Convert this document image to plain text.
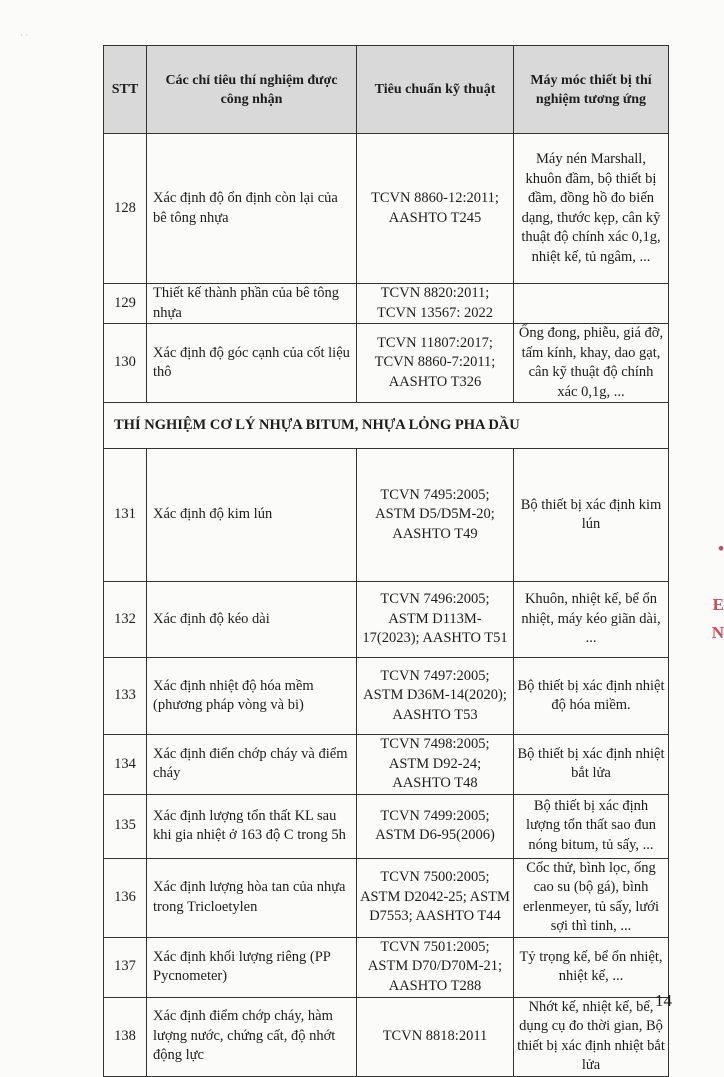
· ·
STT	Các chỉ tiêu thí nghiệm được công nhận	Tiêu chuẩn kỹ thuật	Máy móc thiết bị thí nghiệm tương ứng
128	Xác định độ ổn định còn lại của bê tông nhựa	TCVN 8860-12:2011; AASHTO T245	Máy nén Marshall, khuôn đầm, bộ thiết bị đầm, đồng hồ đo biến dạng, thước kẹp, cân kỹ thuật độ chính xác 0,1g, nhiệt kế, tủ ngâm, ...
129	Thiết kế thành phần của bê tông nhựa	TCVN 8820:2011; TCVN 13567: 2022	
130	Xác định độ góc cạnh của cốt liệu thô	TCVN 11807:2017; TCVN 8860-7:2011; AASHTO T326	Ống đong, phiễu, giá đỡ, tấm kính, khay, dao gạt, cân kỹ thuật độ chính xác 0,1g, ...
THÍ NGHIỆM CƠ LÝ NHỰA BITUM, NHỰA LỎNG PHA DẦU			
131	Xác định độ kim lún	TCVN 7495:2005; ASTM D5/D5M-20; AASHTO T49	Bộ thiết bị xác định kim lún
132	Xác định độ kéo dài	TCVN 7496:2005; ASTM D113M-17(2023); AASHTO T51	Khuôn, nhiệt kế, bể ổn nhiệt, máy kéo giãn dài, ...
133	Xác định nhiệt độ hóa mềm (phương pháp vòng và bi)	TCVN 7497:2005; ASTM D36M-14(2020); AASHTO T53	Bộ thiết bị xác định nhiệt độ hóa miềm.
134	Xác định điển chớp cháy và điểm cháy	TCVN 7498:2005; ASTM D92-24; AASHTO T48	Bộ thiết bị xác định nhiệt bắt lửa
135	Xác định lượng tổn thất KL sau khi gia nhiệt ở 163 độ C trong 5h	TCVN 7499:2005; ASTM D6-95(2006)	Bộ thiết bị xác định lượng tổn thất sao đun nóng bitum, tủ sấy, ...
136	Xác định lượng hòa tan của nhựa trong Tricloetylen	TCVN 7500:2005; ASTM D2042-25; ASTM D7553; AASHTO T44	Cốc thử, bình lọc, ống cao su (bộ gá), bình erlenmeyer, tủ sấy, lưới sợi thì tinh, ...
137	Xác định khối lượng riêng (PP Pycnometer)	TCVN 7501:2005; ASTM D70/D70M-21; AASHTO T288	Tỷ trọng kế, bể ổn nhiệt, nhiệt kế, ...
138	Xác định điểm chớp cháy, hàm lượng nước, chứng cất, độ nhớt động lực	TCVN 8818:2011	Nhớt kế, nhiệt kế, bể, dụng cụ đo thời gian, Bộ thiết bị xác định nhiệt bắt lửa
•
E
N
14
